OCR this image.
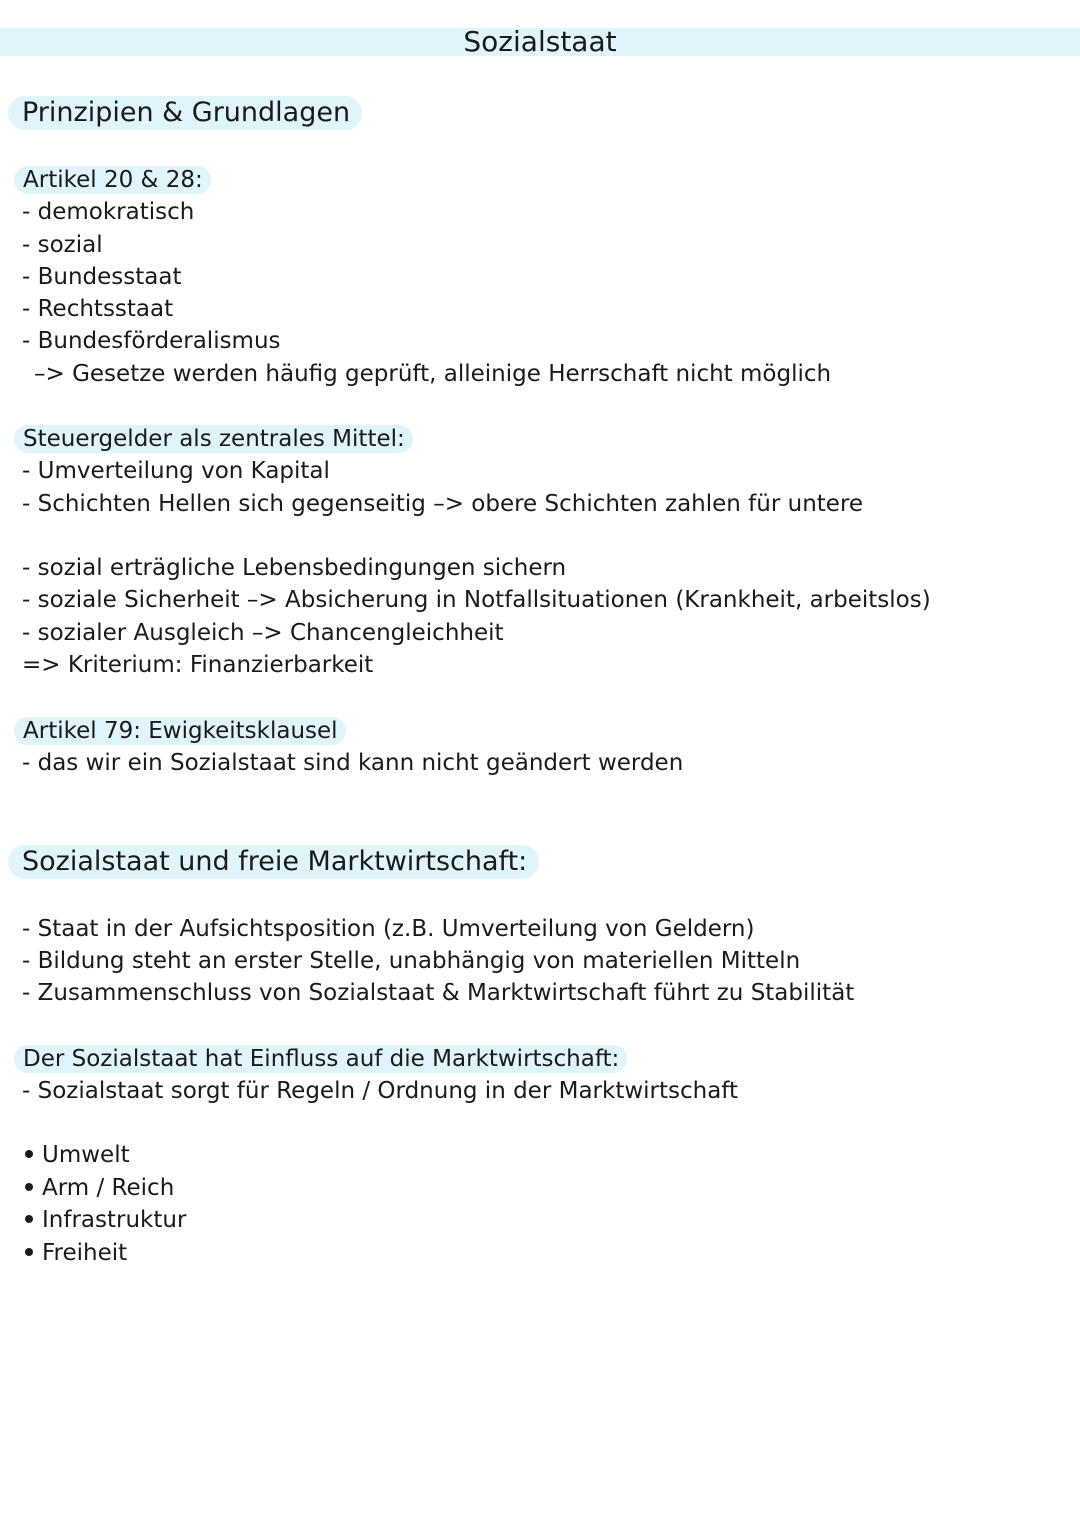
Sozialstaat
Prinzipien & Grundlagen
Artikel 20 & 28:

- demokratisch

- sozial

- Bundesstaat

- Rechtsstaat

- Bundesförderalismus

–> Gesetze werden häufig geprüft, alleinige Herrschaft nicht möglich

Steuergelder als zentrales Mittel:

- Umverteilung von Kapital

- Schichten Hellen sich gegenseitig –> obere Schichten zahlen für untere

- sozial erträgliche Lebensbedingungen sichern

- soziale Sicherheit –> Absicherung in Notfallsituationen (Krankheit, arbeitslos)

- sozialer Ausgleich –> Chancengleichheit

=> Kriterium: Finanzierbarkeit

Artikel 79: Ewigkeitsklausel

- das wir ein Sozialstaat sind kann nicht geändert werden

Sozialstaat und freie Marktwirtschaft:

- Staat in der Aufsichtsposition (z.B. Umverteilung von Geldern)

- Bildung steht an erster Stelle, unabhängig von materiellen Mitteln

- Zusammenschluss von Sozialstaat & Marktwirtschaft führt zu Stabilität

Der Sozialstaat hat Einfluss auf die Marktwirtschaft:

- Sozialstaat sorgt für Regeln / Ordnung in der Marktwirtschaft

Umwelt
Arm / Reich
Infrastruktur
Freiheit
